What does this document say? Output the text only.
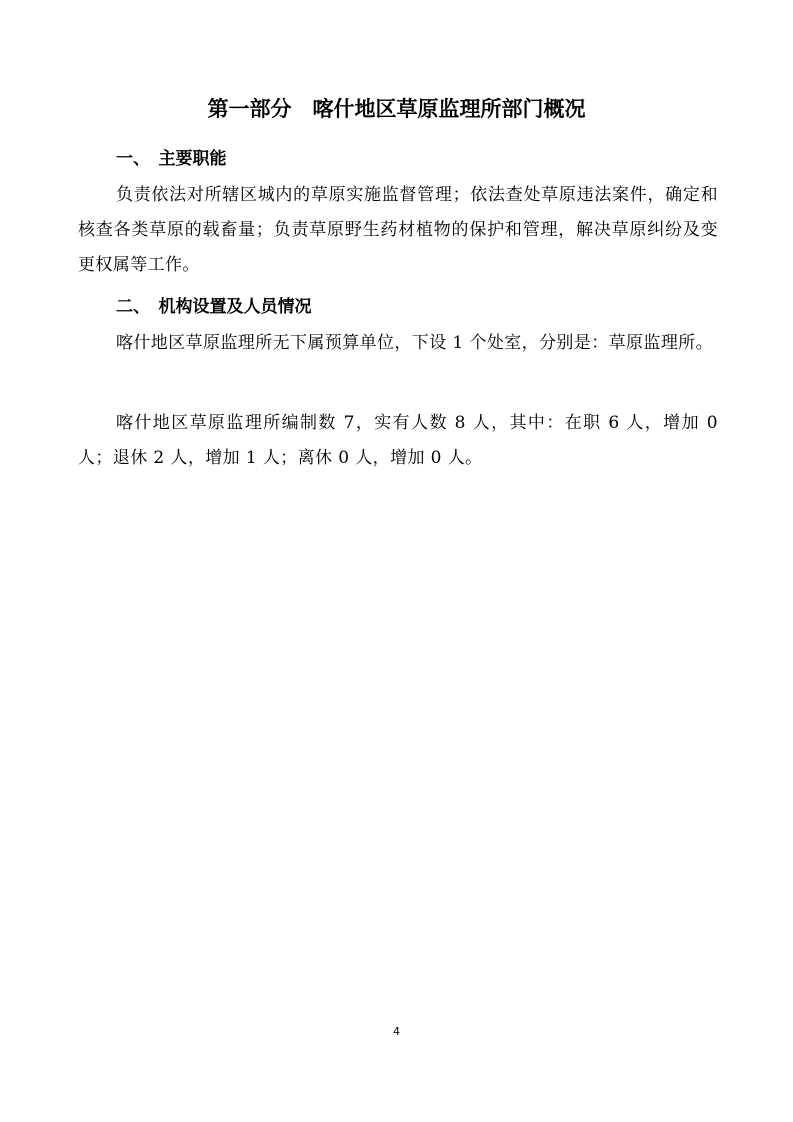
第一部分　喀什地区草原监理所部门概况
一、　主要职能
负责依法对所辖区城内的草原实施监督管理；依法查处草原违法案件，确定和核查各类草原的载畜量；负责草原野生药材植物的保护和管理，解决草原纠纷及变更权属等工作。
二、　机构设置及人员情况
喀什地区草原监理所无下属预算单位，下设 1 个处室，分别是：草原监理所。
喀什地区草原监理所编制数 7，实有人数 8 人，其中：在职 6 人，增加 0 人；退休 2 人，增加 1 人；离休 0 人，增加 0 人。
4
